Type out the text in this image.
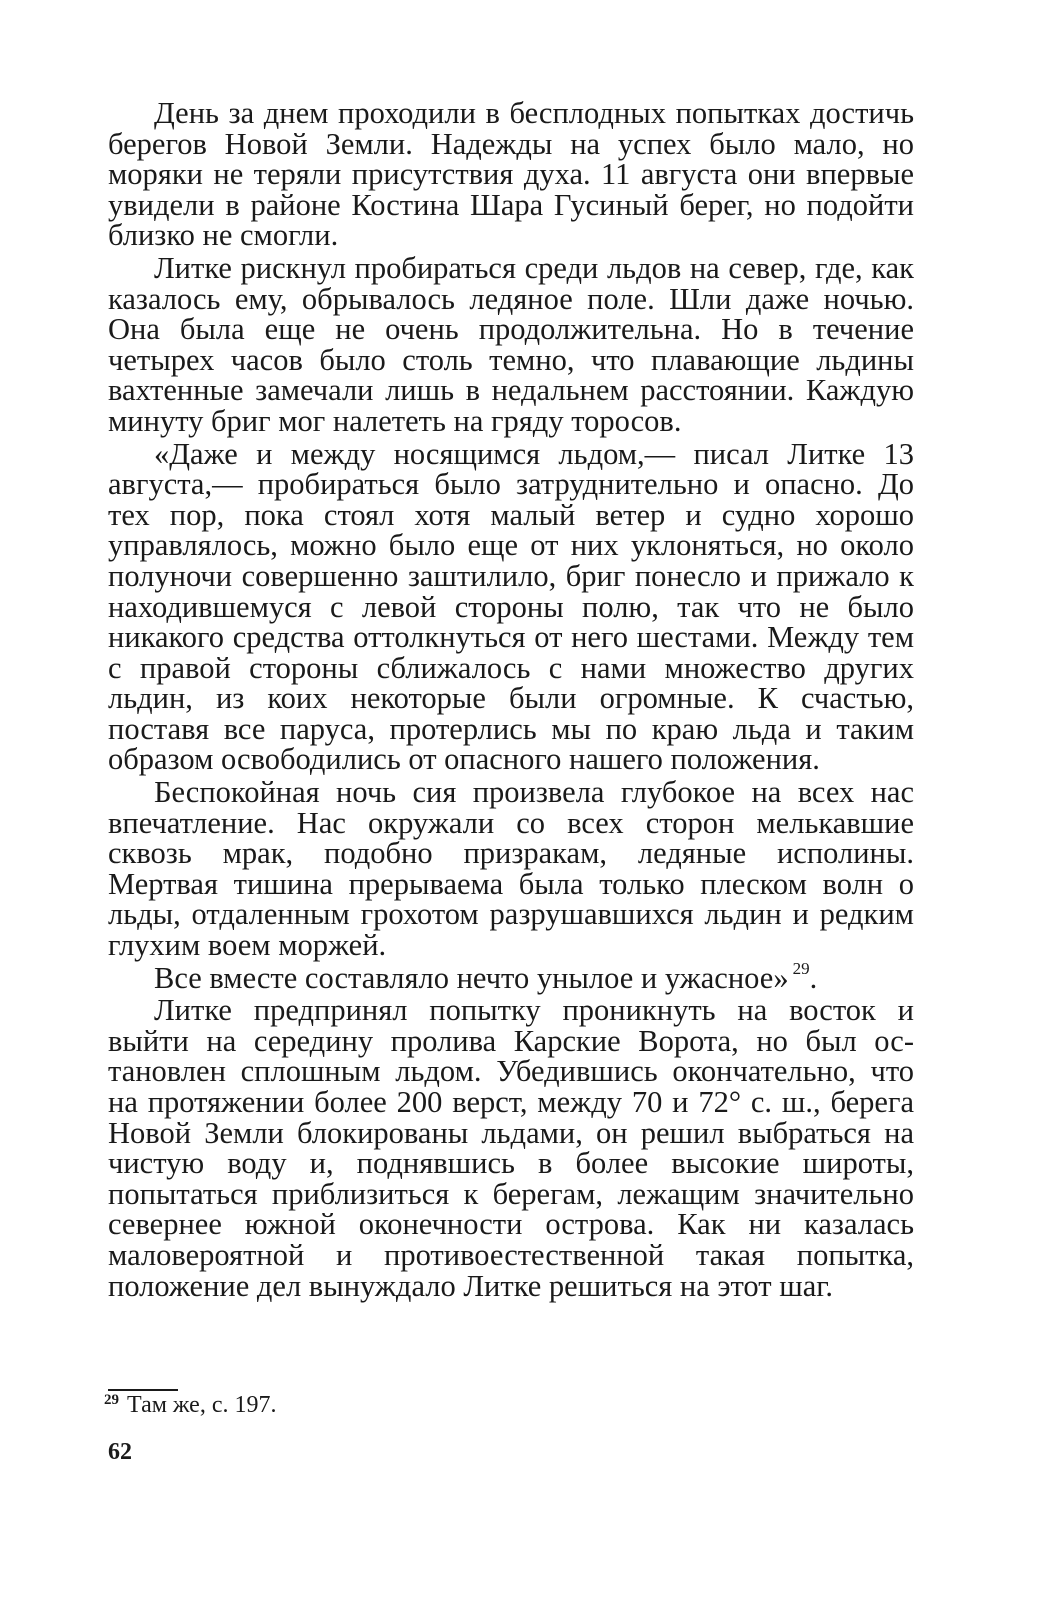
День за днем проходили в бесплодных попытках достичь берегов Новой Земли. Надежды на успех было мало, но моряки не теряли присутствия духа. 11 августа они впервые увидели в районе Костина Шара Гусиный берег, но подойти близко не смогли.

Литке рискнул пробираться среди льдов на север, где, как казалось ему, обрывалось ледяное поле. Шли даже ночью. Она была еще не очень продолжительна. Но в течение четырех часов было столь темно, что плавающие льдины вахтенные замечали лишь в недальнем расстоянии. Каждую минуту бриг мог налететь на гряду торосов.

«Даже и между носящимся льдом,— писал Литке 13 августа,— пробираться было затруднительно и опасно. До тех пор, пока стоял хотя малый ветер и судно хорошо управлялось, можно было еще от них уклоняться, но около полуночи совершенно заштилило, бриг понесло и прижало к находившемуся с левой стороны полю, так что не было никакого средства оттолкнуться от него шестами. Между тем с правой стороны сближалось с нами множество других льдин, из коих некоторые были огромные. К счастью, поставя все паруса, протерлись мы по краю льда и таким образом освободились от опасного нашего положения.

Беспокойная ночь сия произвела глубокое на всех нас впечатление. Нас окружали со всех сторон мелькавшие сквозь мрак, подобно призракам, ледяные исполины. Мертвая тишина прерываема была только плеском волн о льды, отдаленным грохотом разрушавшихся льдин и редким глухим воем моржей.

Все вместе составляло нечто унылое и ужасное» $^{29}$.

Литке предпринял попытку проникнуть на восток и выйти на середину пролива Карские Ворота, но был остановлен сплошным льдом. Убедившись окончательно, что на протяжении более 200 верст, между 70 и 72° с. ш., берега Новой Земли блокированы льдами, он решил выбраться на чистую воду и, поднявшись в более высокие широты, попытаться приблизиться к берегам, лежащим значительно севернее южной оконечности острова. Как ни казалась маловероятной и противоестественной такая попытка, положение дел вынуждало Литке решиться на этот шаг.

$^{29}$ Там же, с. 197.
62
